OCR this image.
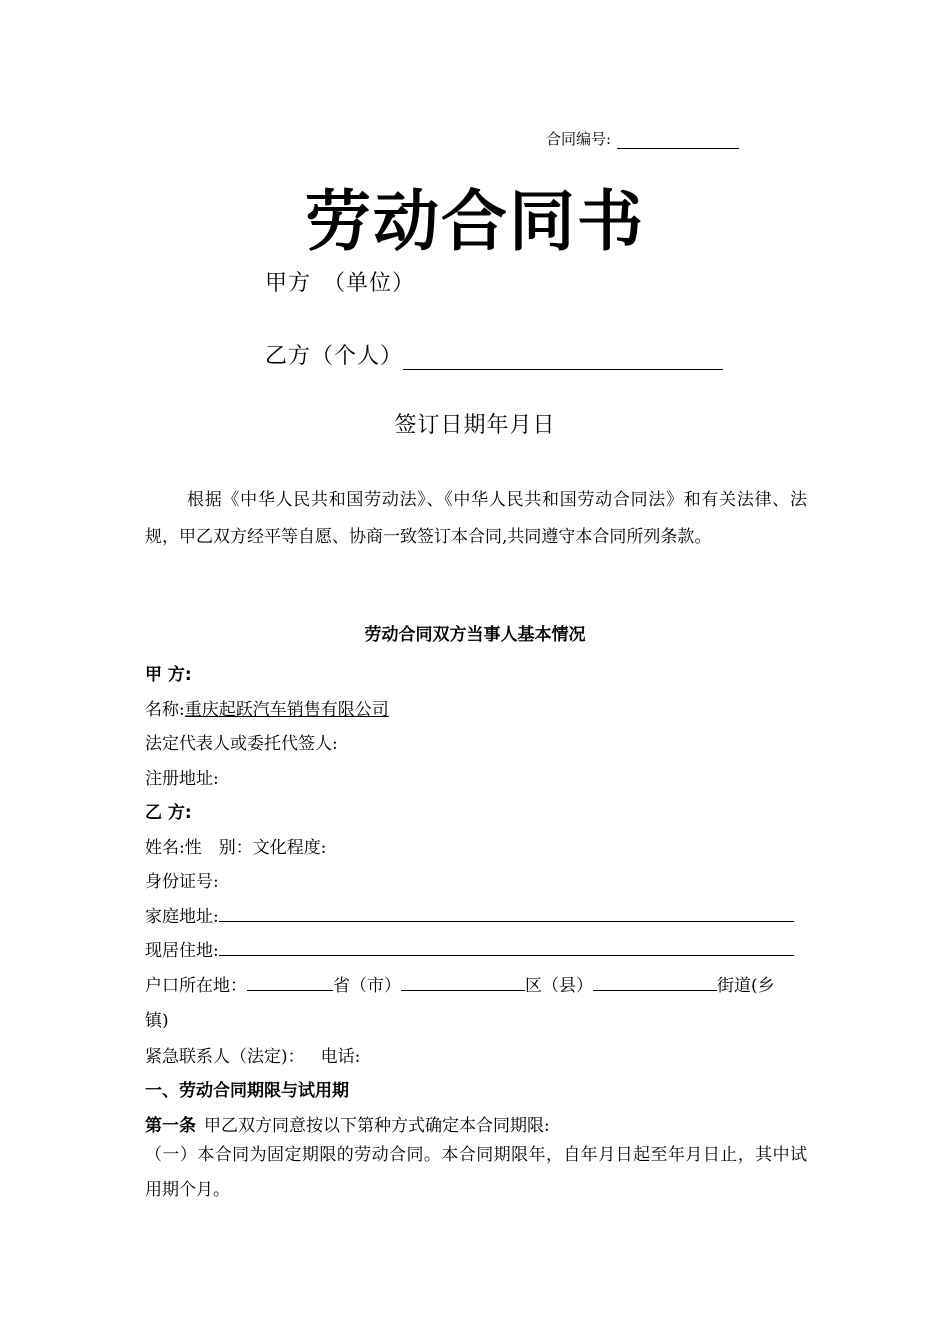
合同编号:
劳动合同书
甲方　（单位）
乙方（个人）
签订日期年月日
根据《中华人民共和国劳动法》、《中华人民共和国劳动合同法》和有关法律、法规，甲乙双方经平等自愿、协商一致签订本合同,共同遵守本合同所列条款。
劳动合同双方当事人基本情况
甲 方:
名称:重庆起跃汽车销售有限公司
法定代表人或委托代签人:
注册地址:
乙 方:
姓名:性　别：文化程度:
身份证号:
家庭地址:
现居住地:
户口所在地：	省（市）	区（县）	街道(乡
镇)
紧急联系人（法定)： 电话:
一、劳动合同期限与试用期
第一条 甲乙双方同意按以下第种方式确定本合同期限:
（一）本合同为固定期限的劳动合同。本合同期限年，自年月日起至年月日止，其中试用期个月。
